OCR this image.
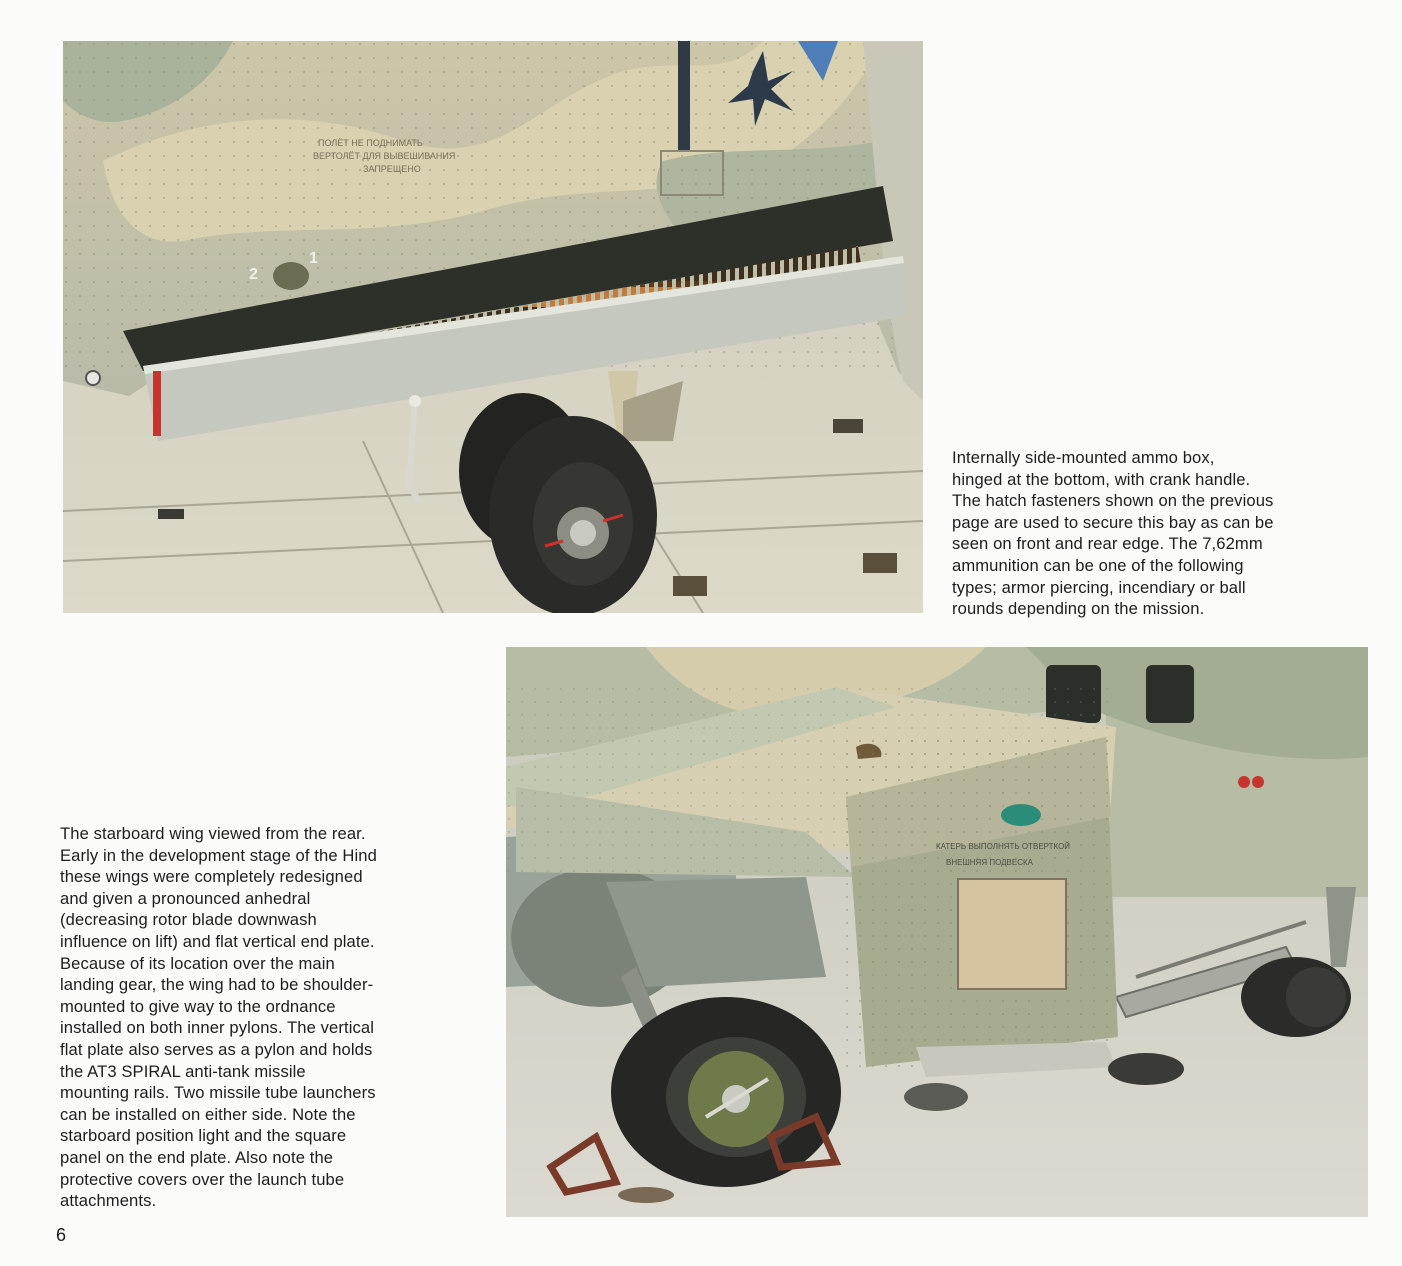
ПОЛЁТ НЕ ПОДНИМАТЬ
ВЕРТОЛЁТ ДЛЯ ВЫВЕШИВАНИЯ
ЗАПРЕЩЕНО
2
1

Internally side-mounted ammo box,
hinged at the bottom, with crank handle.
The hatch fasteners shown on the previous
page are used to secure this bay as can be
seen on front and rear edge. The 7,62mm
ammunition can be one of the following
types; armor piercing, incendiary or ball
rounds depending on the mission.

КАТЕРЬ ВЫПОЛНЯТЬ ОТВЕРТКОЙ
ВНЕШНЯЯ ПОДВЕСКА

The starboard wing viewed from the rear.
Early in the development stage of the Hind
these wings were completely redesigned
and given a pronounced anhedral
(decreasing rotor blade downwash
influence on lift) and flat vertical end plate.
Because of its location over the main
landing gear, the wing had to be shoulder-
mounted to give way to the ordnance
installed on both inner pylons. The vertical
flat plate also serves as a pylon and holds
the AT3 SPIRAL anti-tank missile
mounting rails. Two missile tube launchers
can be installed on either side. Note the
starboard position light and the square
panel on the end plate. Also note the
protective covers over the launch tube
attachments.

6
